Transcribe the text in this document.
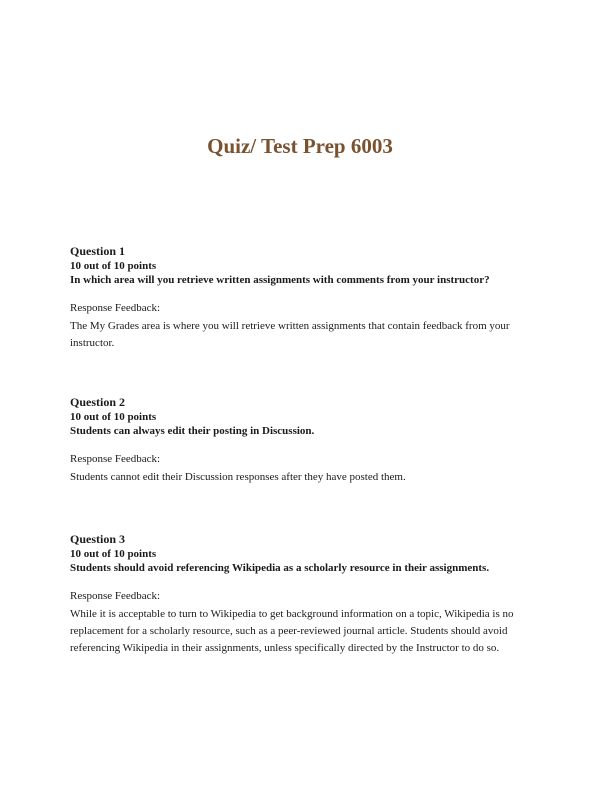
Quiz/ Test Prep 6003

Question 1

10 out of 10 points

In which area will you retrieve written assignments with comments from your instructor?

Response Feedback:

The My Grades area is where you will retrieve written assignments that contain feedback from your instructor.

Question 2

10 out of 10 points

Students can always edit their posting in Discussion.

Response Feedback:

Students cannot edit their Discussion responses after they have posted them.

Question 3

10 out of 10 points

Students should avoid referencing Wikipedia as a scholarly resource in their assignments.

Response Feedback:

While it is acceptable to turn to Wikipedia to get background information on a topic, Wikipedia is no replacement for a scholarly resource, such as a peer-reviewed journal article. Students should avoid referencing Wikipedia in their assignments, unless specifically directed by the Instructor to do so.
